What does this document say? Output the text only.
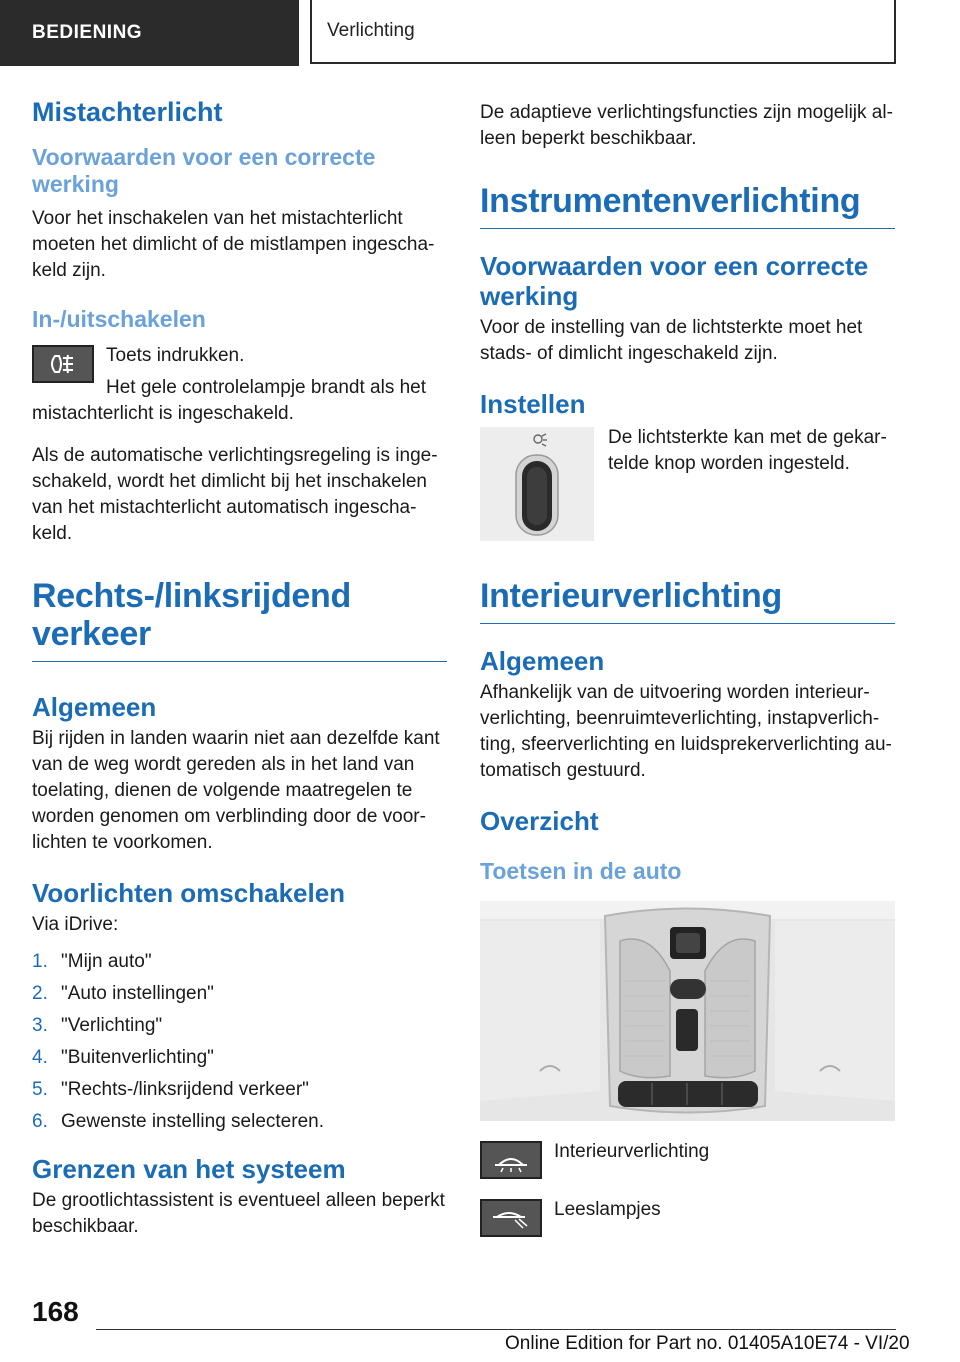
BEDIENING	Verlichting
Mistachterlicht
Voorwaarden voor een correcte werking

Voor het inschakelen van het mistachterlicht moeten het dimlicht of de mistlampen ingescha-keld zijn.

In-/uitschakelen

Toets indrukken.

Het gele controlelampje brandt als het mistachterlicht is ingeschakeld.

Als de automatische verlichtingsregeling is inge-schakeld, wordt het dimlicht bij het inschakelen van het mistachterlicht automatisch ingescha-keld.

Rechts-/linksrijdend verkeer
Algemeen

Bij rijden in landen waarin niet aan dezelfde kant van de weg wordt gereden als in het land van toelating, dienen de volgende maatregelen te worden genomen om verblinding door de voor-lichten te voorkomen.

Voorlichten omschakelen

Via iDrive:

1. "Mijn auto"
2. "Auto instellingen"
3. "Verlichting"
4. "Buitenverlichting"
5. "Rechts-/linksrijdend verkeer"
6. Gewenste instelling selecteren.
Grenzen van het systeem

De grootlichtassistent is eventueel alleen beperkt beschikbaar.

De adaptieve verlichtingsfuncties zijn mogelijk al-leen beperkt beschikbaar.

Instrumentenverlichting
Voorwaarden voor een correcte werking

Voor de instelling van de lichtsterkte moet het stads- of dimlicht ingeschakeld zijn.

Instellen

De lichtsterkte kan met de gekar-telde knop worden ingesteld.

Interieurverlichting
Algemeen

Afhankelijk van de uitvoering worden interieur-verlichting, beenruimteverlichting, instapverlich-ting, sfeerverlichting en luidsprekerverlichting au-tomatisch gestuurd.

Overzicht
Toetsen in de auto

Interieurverlichting

Leeslampjes

168
Online Edition for Part no. 01405A10E74 - VI/20
